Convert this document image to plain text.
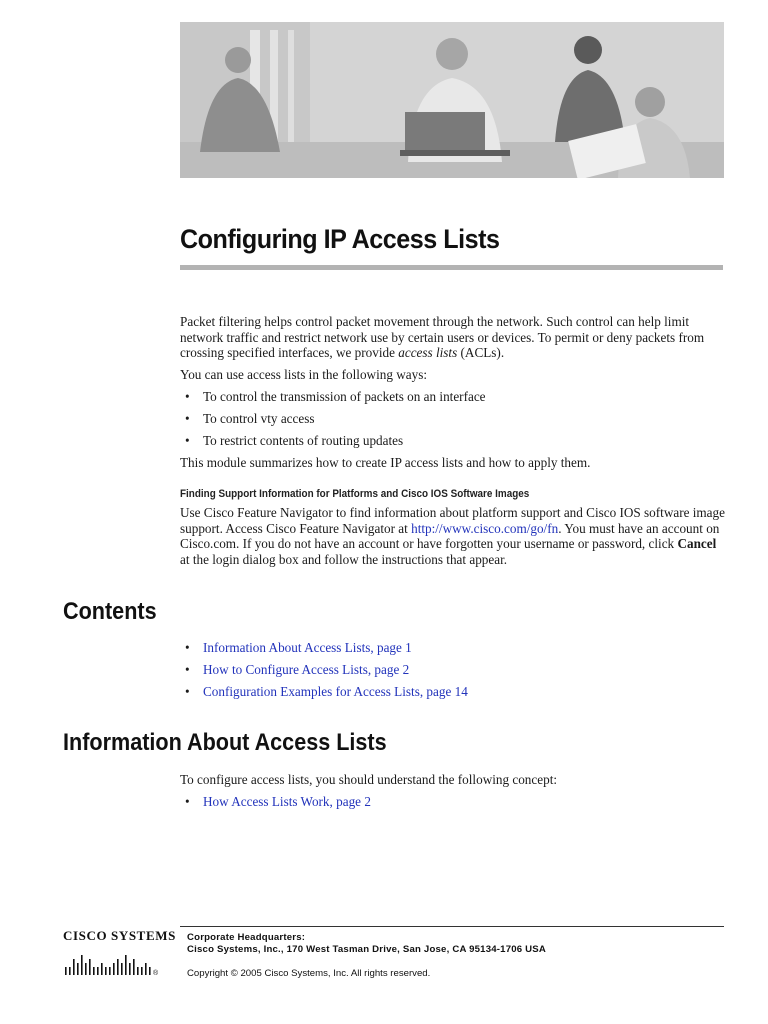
Configuring IP Access Lists

Packet filtering helps control packet movement through the network. Such control can help limit network traffic and restrict network use by certain users or devices. To permit or deny packets from crossing specified interfaces, we provide access lists (ACLs).

You can use access lists in the following ways:

• To control the transmission of packets on an interface
• To control vty access
• To restrict contents of routing updates

This module summarizes how to create IP access lists and how to apply them.

Finding Support Information for Platforms and Cisco IOS Software Images

Use Cisco Feature Navigator to find information about platform support and Cisco IOS software image support. Access Cisco Feature Navigator at http://www.cisco.com/go/fn. You must have an account on Cisco.com. If you do not have an account or have forgotten your username or password, click Cancel at the login dialog box and follow the instructions that appear.

Contents
• Information About Access Lists, page 1
• How to Configure Access Lists, page 2
• Configuration Examples for Access Lists, page 14
Information About Access Lists

To configure access lists, you should understand the following concept:

• How Access Lists Work, page 2
CISCO SYSTEMS
®

Corporate Headquarters:

Cisco Systems, Inc., 170 West Tasman Drive, San Jose, CA 95134-1706 USA

Copyright © 2005 Cisco Systems, Inc. All rights reserved.
